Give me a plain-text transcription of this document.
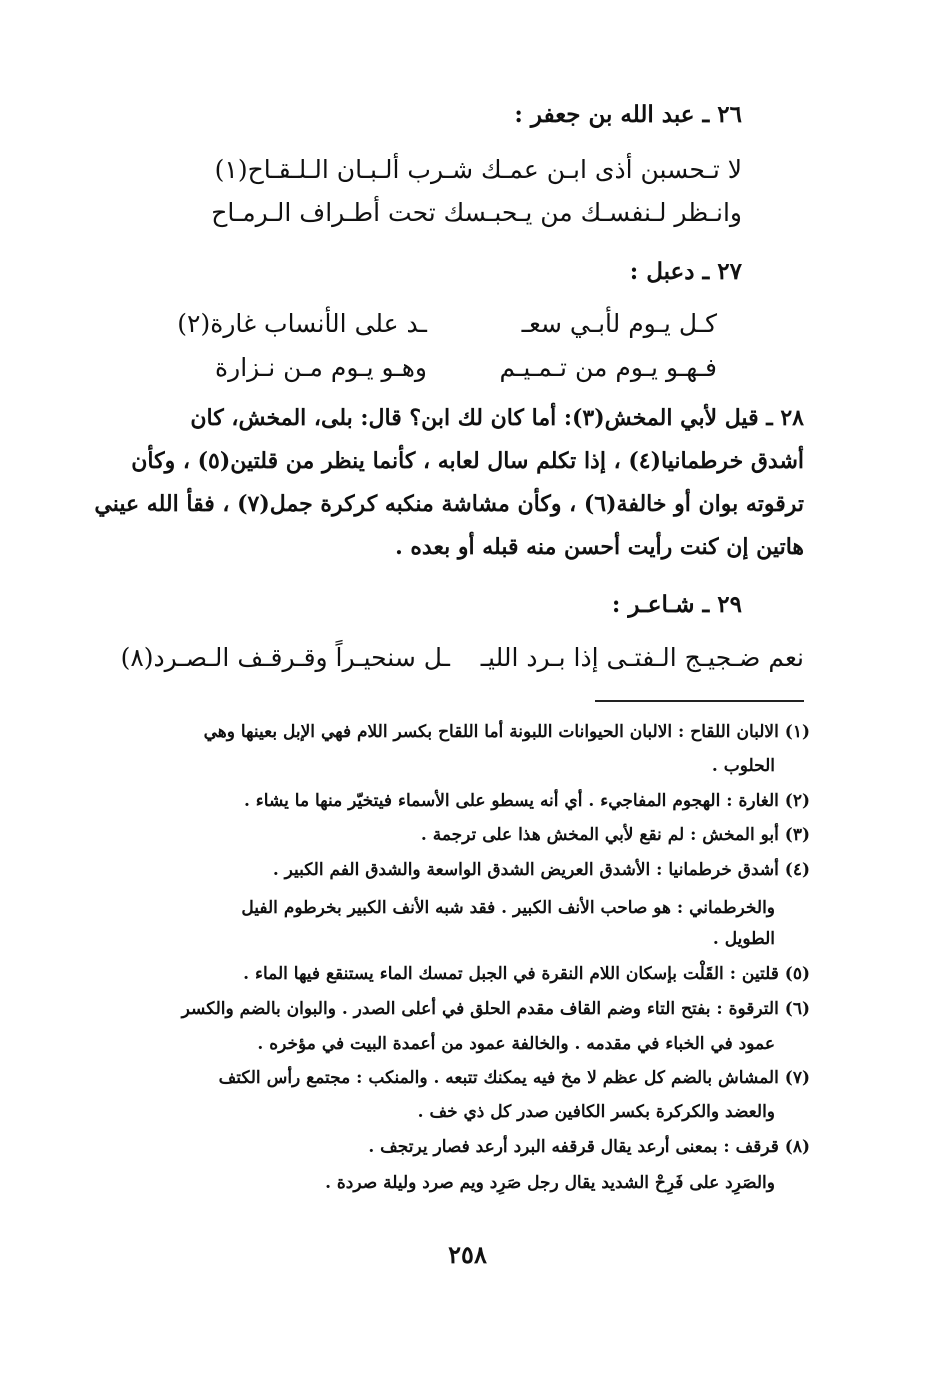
٢٦ ـ عبد الله بن جعفر :
لا تـحسبن أذى ابـن عمـك شـرب ألـبـان الـلـقـاح(١)
وانـظر لـنفسـك من يـحبـسك تحت أطـراف الـرمـاح
٢٧ ـ دعبل :
كـل يـوم لأبـي سعـ
ـد على الأنساب غارة(٢)
فـهـو يـوم من تـمـيـم
وهـو يـوم مـن نـزارة
٢٨ ـ قيل لأبي المخش(٣): أما كان لك ابن؟ قال: بلى، المخش، كان
أشدق خرطمانيا(٤) ، إذا تكلم سال لعابه ، كأنما ينظر من قلتين(٥) ، وكأن
ترقوته بوان أو خالفة(٦) ، وكأن مشاشة منكبه كركرة جمل(٧) ، فقأ الله عيني
هاتين إن كنت رأيت أحسن منه قبله أو بعده .
٢٩ ـ شـاعـر :
نعم ضـجيـج الـفتـى إذا بـرد الليـ
ـل سنحيـراً وقـرقـف الـصـرد(٨)
(١) الالبان اللقاح : الالبان الحيوانات اللبونة أما اللقاح بكسر اللام فهي الإبل بعينها وهي
الحلوب .
(٢) الغارة : الهجوم المفاجيء . أي أنه يسطو على الأسماء فيتخيّر منها ما يشاء .
(٣) أبو المخش : لم نقع لأبي المخش هذا على ترجمة .
(٤) أشدق خرطمانيا : الأشدق العريض الشدق الواسعة والشدق الفم الكبير .
والخرطماني : هو صاحب الأنف الكبير . فقد شبه الأنف الكبير بخرطوم الفيل
الطويل .
(٥) قلتين : القَلْت بإسكان اللام النقرة في الجبل تمسك الماء يستنقع فيها الماء .
(٦) الترقوة : بفتح التاء وضم القاف مقدم الحلق في أعلى الصدر . والبوان بالضم والكسر
عمود في الخباء في مقدمه . والخالفة عمود من أعمدة البيت في مؤخره .
(٧) المشاش بالضم كل عظم لا مخ فيه يمكنك تتبعه . والمنكب : مجتمع رأس الكتف
والعضد والكركرة بكسر الكافين صدر كل ذي خف .
(٨) قرقف : بمعنى أرعد يقال قرقفه البرد أرعد فصار يرتجف .
والصَرِد على فَرِحْ الشديد يقال رجل صَرِد ويم صرد وليلة صردة .
٢٥٨
